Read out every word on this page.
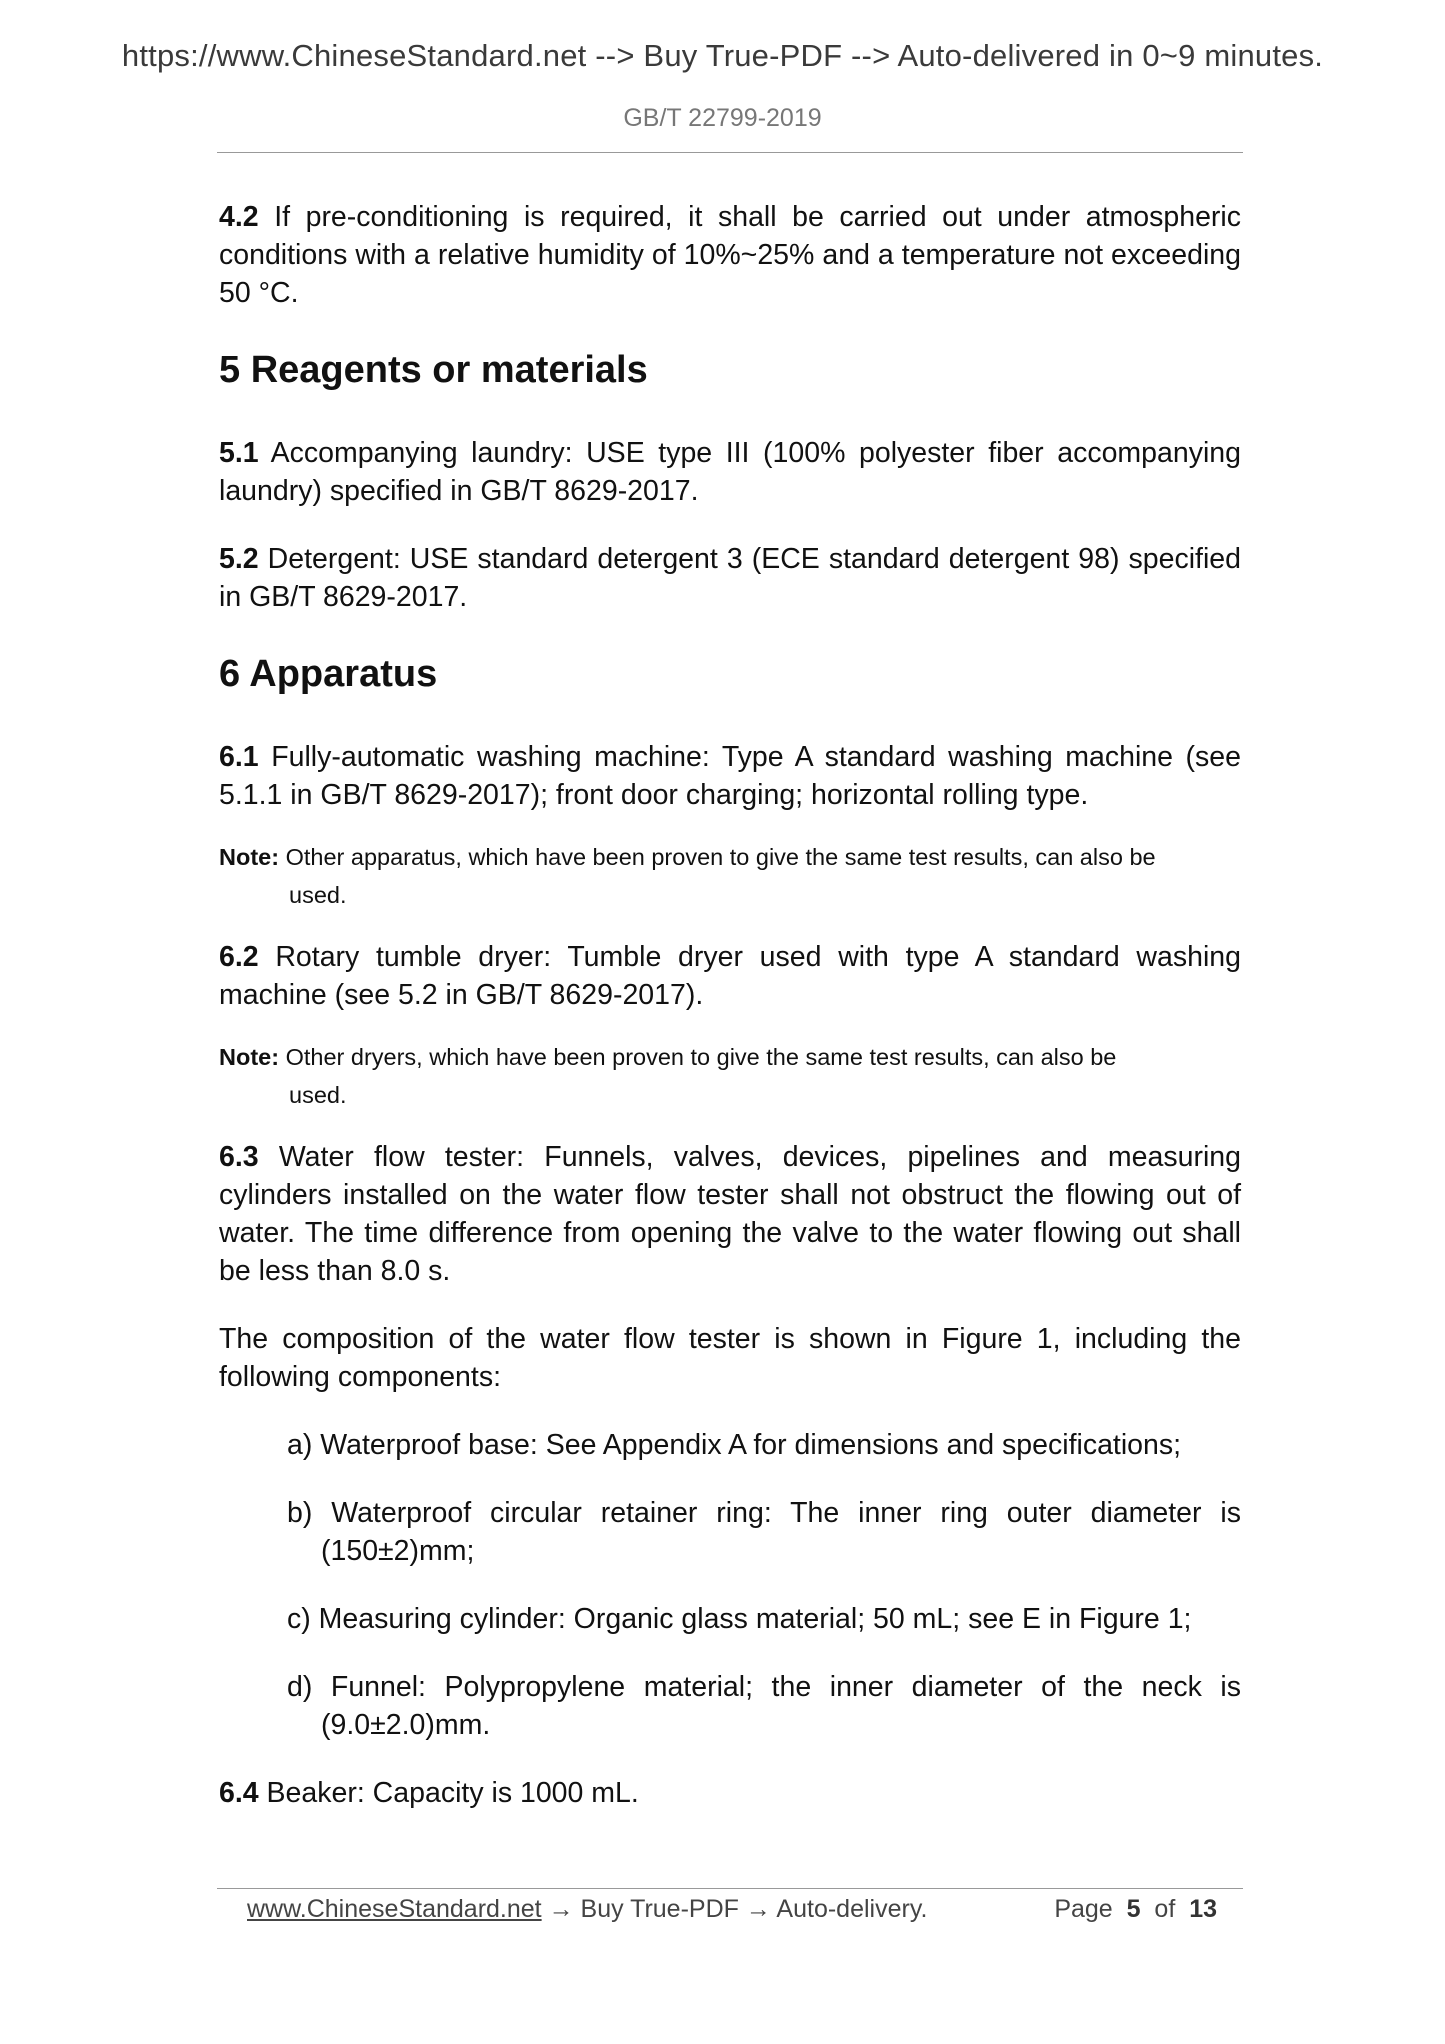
https://www.ChineseStandard.net --> Buy True-PDF --> Auto-delivered in 0~9 minutes.
GB/T 22799-2019

4.2 If pre-conditioning is required, it shall be carried out under atmospheric conditions with a relative humidity of 10%~25% and a temperature not exceeding 50 °C.

5 Reagents or materials

5.1 Accompanying laundry: USE type III (100% polyester fiber accompanying laundry) specified in GB/T 8629-2017.

5.2 Detergent: USE standard detergent 3 (ECE standard detergent 98) specified in GB/T 8629-2017.

6 Apparatus

6.1 Fully-automatic washing machine: Type A standard washing machine (see 5.1.1 in GB/T 8629-2017); front door charging; horizontal rolling type.

Note: Other apparatus, which have been proven to give the same test results, can also be
used.

6.2 Rotary tumble dryer: Tumble dryer used with type A standard washing machine (see 5.2 in GB/T 8629-2017).

Note: Other dryers, which have been proven to give the same test results, can also be
used.

6.3 Water flow tester: Funnels, valves, devices, pipelines and measuring cylinders installed on the water flow tester shall not obstruct the flowing out of water. The time difference from opening the valve to the water flowing out shall be less than 8.0 s.

The composition of the water flow tester is shown in Figure 1, including the following components:

a) Waterproof base: See Appendix A for dimensions and specifications;

b) Waterproof circular retainer ring: The inner ring outer diameter is (150±2)mm;

c) Measuring cylinder: Organic glass material; 50 mL; see E in Figure 1;

d) Funnel: Polypropylene material; the inner diameter of the neck is (9.0±2.0)mm.

6.4 Beaker: Capacity is 1000 mL.

www.ChineseStandard.net → Buy True-PDF → Auto-delivery.	Page 5 of 13
